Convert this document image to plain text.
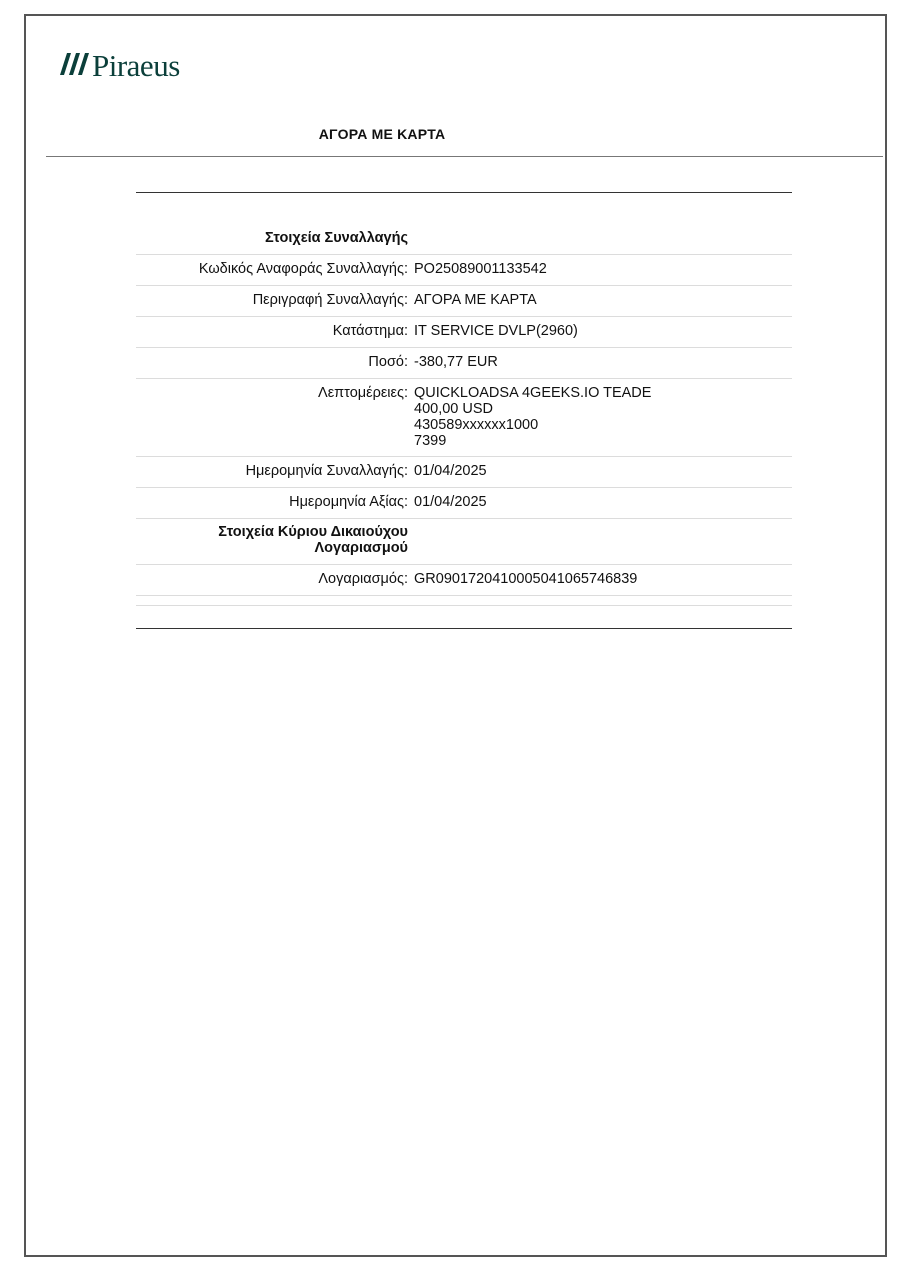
Piraeus
ΑΓΟΡΑ ΜΕ ΚΑΡΤΑ
Στοιχεία Συναλλαγής	
Κωδικός Αναφοράς Συναλλαγής:	PO25089001133542
Περιγραφή Συναλλαγής:	ΑΓΟΡΑ ΜΕ ΚΑΡΤΑ
Κατάστημα:	IT SERVICE DVLP(2960)
Ποσό:	-380,77 EUR
Λεπτομέρειες:	QUICKLOADSA 4GEEKS.IO TEADE
400,00 USD
430589xxxxxx1000
7399

Ημερομηνία Συναλλαγής:	01/04/2025
Ημερομηνία Αξίας:	01/04/2025
Στοιχεία Κύριου Δικαιούχου
Λογαριασμού	
Λογαριασμός:	GR0901720410005041065746839
